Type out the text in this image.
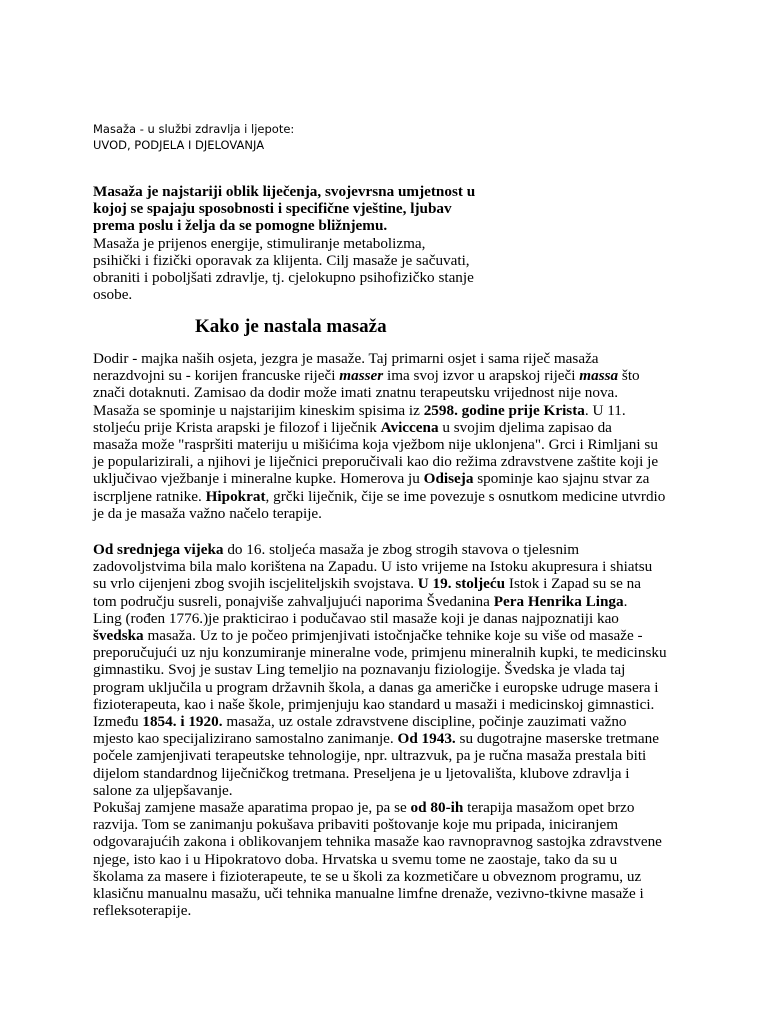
Masaža - u službi zdravlja i ljepote:
UVOD, PODJELA I DJELOVANJA
Masaža je najstariji oblik liječenja, svojevrsna umjetnost u
kojoj se spajaju sposobnosti i specifične vještine, ljubav
prema poslu i želja da se pomogne bližnjemu.
Masaža je prijenos energije, stimuliranje metabolizma,
psihički i fizički oporavak za klijenta. Cilj masaže je sačuvati,
obraniti i poboljšati zdravlje, tj. cjelokupno psihofizičko stanje
osobe.
Kako je nastala masaža
Dodir - majka naših osjeta, jezgra je masaže. Taj primarni osjet i sama riječ masaža
nerazdvojni su - korijen francuske riječi masser ima svoj izvor u arapskoj riječi massa što
znači dotaknuti. Zamisao da dodir može imati znatnu terapeutsku vrijednost nije nova.
Masaža se spominje u najstarijim kineskim spisima iz 2598. godine prije Krista. U 11.
stoljeću prije Krista arapski je filozof i liječnik Aviccena u svojim djelima zapisao da
masaža može "raspršiti materiju u mišićima koja vježbom nije uklonjena". Grci i Rimljani su
je popularizirali, a njihovi je liječnici preporučivali kao dio režima zdravstvene zaštite koji je
uključivao vježbanje i mineralne kupke. Homerova ju Odiseja spominje kao sjajnu stvar za
iscrpljene ratnike. Hipokrat, grčki liječnik, čije se ime povezuje s osnutkom medicine utvrdio
je da je masaža važno načelo terapije.
Od srednjega vijeka do 16. stoljeća masaža je zbog strogih stavova o tjelesnim
zadovoljstvima bila malo korištena na Zapadu. U isto vrijeme na Istoku akupresura i shiatsu
su vrlo cijenjeni zbog svojih iscjeliteljskih svojstava. U 19. stoljeću Istok i Zapad su se na
tom području susreli, ponajviše zahvaljujući naporima Švedanina Pera Henrika Linga.
Ling (rođen 1776.)je prakticirao i podučavao stil masaže koji je danas najpoznatiji kao
švedska masaža. Uz to je počeo primjenjivati istočnjačke tehnike koje su više od masaže -
preporučujući uz nju konzumiranje mineralne vode, primjenu mineralnih kupki, te medicinsku
gimnastiku. Svoj je sustav Ling temeljio na poznavanju fiziologije. Švedska je vlada taj
program uključila u program državnih škola, a danas ga američke i europske udruge masera i
fizioterapeuta, kao i naše škole, primjenjuju kao standard u masaži i medicinskoj gimnastici.
Između 1854. i 1920. masaža, uz ostale zdravstvene discipline, počinje zauzimati važno
mjesto kao specijalizirano samostalno zanimanje. Od 1943. su dugotrajne maserske tretmane
počele zamjenjivati terapeutske tehnologije, npr. ultrazvuk, pa je ručna masaža prestala biti
dijelom standardnog liječničkog tretmana. Preseljena je u ljetovališta, klubove zdravlja i
salone za uljepšavanje.
Pokušaj zamjene masaže aparatima propao je, pa se od 80-ih terapija masažom opet brzo
razvija. Tom se zanimanju pokušava pribaviti poštovanje koje mu pripada, iniciranjem
odgovarajućih zakona i oblikovanjem tehnika masaže kao ravnopravnog sastojka zdravstvene
njege, isto kao i u Hipokratovo doba. Hrvatska u svemu tome ne zaostaje, tako da su u
školama za masere i fizioterapeute, te se u školi za kozmetičare u obveznom programu, uz
klasičnu manualnu masažu, uči tehnika manualne limfne drenaže, vezivno-tkivne masaže i
refleksoterapije.
